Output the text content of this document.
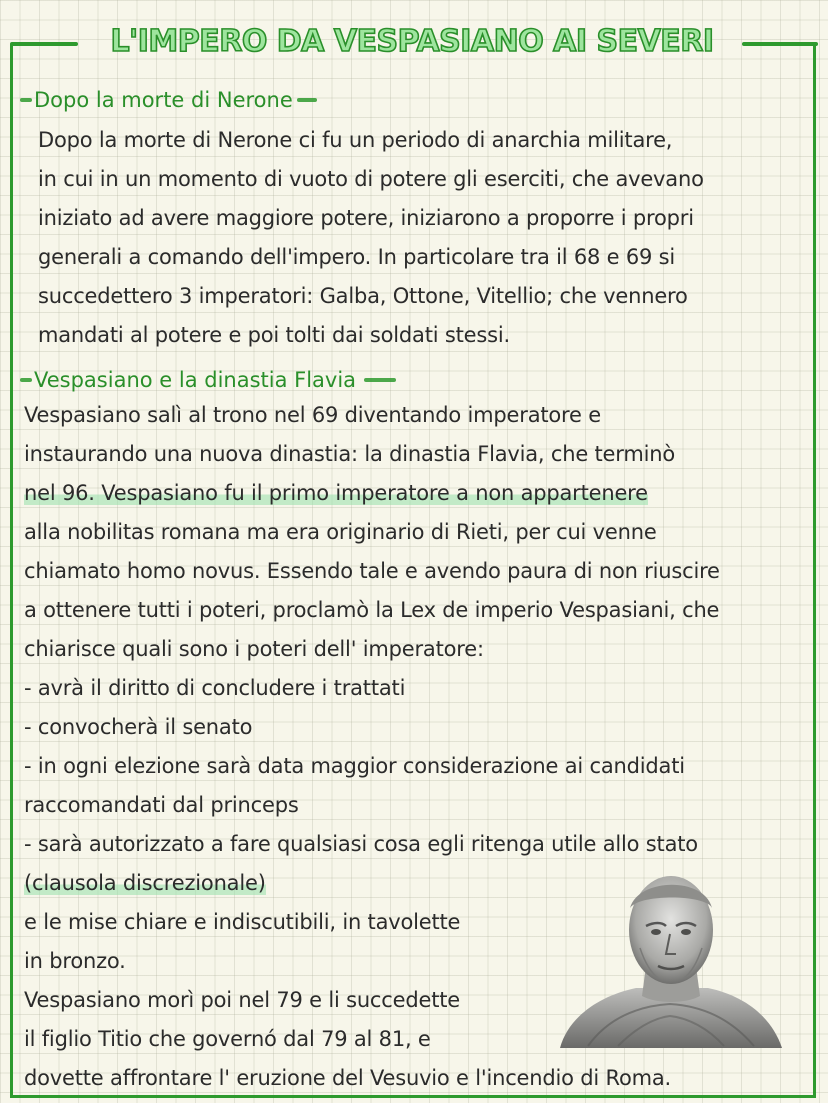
L'IMPERO DA VESPASIANO AI SEVERI
Dopo la morte di Nerone

Dopo la morte di Nerone ci fu un periodo di anarchia militare,

in cui in un momento di vuoto di potere gli eserciti, che avevano

iniziato ad avere maggiore potere, iniziarono a proporre i propri

generali a comando dell'impero. In particolare tra il 68 e 69 si

succedettero 3 imperatori: Galba, Ottone, Vitellio; che vennero

mandati al potere e poi tolti dai soldati stessi.

Vespasiano e la dinastia Flavia

Vespasiano salì al trono nel 69 diventando imperatore e

instaurando una nuova dinastia: la dinastia Flavia, che terminò

nel 96. Vespasiano fu il primo imperatore a non appartenere

alla nobilitas romana ma era originario di Rieti, per cui venne

chiamato homo novus. Essendo tale e avendo paura di non riuscire

a ottenere tutti i poteri, proclamò la Lex de imperio Vespasiani, che

chiarisce quali sono i poteri dell' imperatore:

- avrà il diritto di concludere i trattati

- convocherà il senato

- in ogni elezione sarà data maggior considerazione ai candidati

raccomandati dal princeps

- sarà autorizzato a fare qualsiasi cosa egli ritenga utile allo stato

(clausola discrezionale)

e le mise chiare e indiscutibili, in tavolette

in bronzo.

Vespasiano morì poi nel 79 e li succedette

il figlio Titio che governó dal 79 al 81, e

dovette affrontare l' eruzione del Vesuvio e l'incendio di Roma.
